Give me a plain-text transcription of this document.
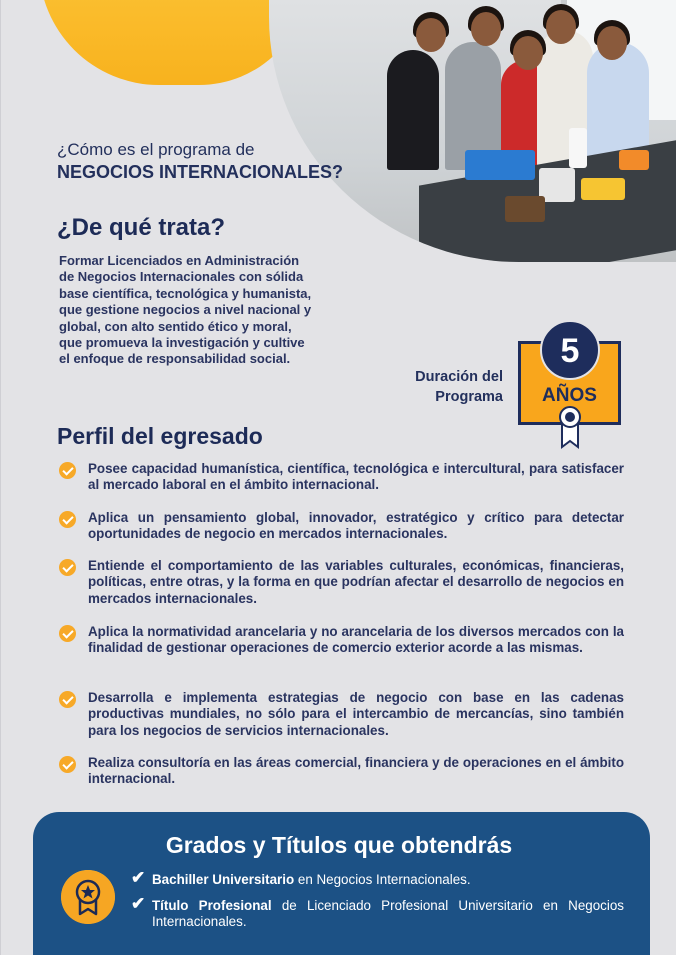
¿Cómo es el programa de
NEGOCIOS INTERNACIONALES?
¿De qué trata?
Formar Licenciados en Administración
de Negocios Internacionales con sólida
base científica, tecnológica y humanista,
que gestione negocios a nivel nacional y
global, con alto sentido ético y moral,
que promueva la investigación y cultive
el enfoque de responsabilidad social.
Duración del
Programa
5
AÑOS
Perfil del egresado
Posee capacidad humanística, científica, tecnológica e intercultural, para satisfacer al mercado laboral en el ámbito internacional.
Aplica un pensamiento global, innovador, estratégico y crítico para detectar oportunidades de negocio en mercados internacionales.
Entiende el comportamiento de las variables culturales, económicas, financieras, políticas, entre otras, y la forma en que podrían afectar el desarrollo de negocios en mercados internacionales.
Aplica la normatividad arancelaria y no arancelaria de los diversos mercados con la finalidad de gestionar operaciones de comercio exterior acorde a las mismas.
Desarrolla e implementa estrategias de negocio con base en las cadenas productivas mundiales, no sólo para el intercambio de mercancías, sino también para los negocios de servicios internacionales.
Realiza consultoría en las áreas comercial, financiera y de operaciones en el ámbito internacional.
Grados y Títulos que obtendrás
✔ Bachiller Universitario en Negocios Internacionales.
✔ Título Profesional de Licenciado Profesional Universitario en Negocios Internacionales.
